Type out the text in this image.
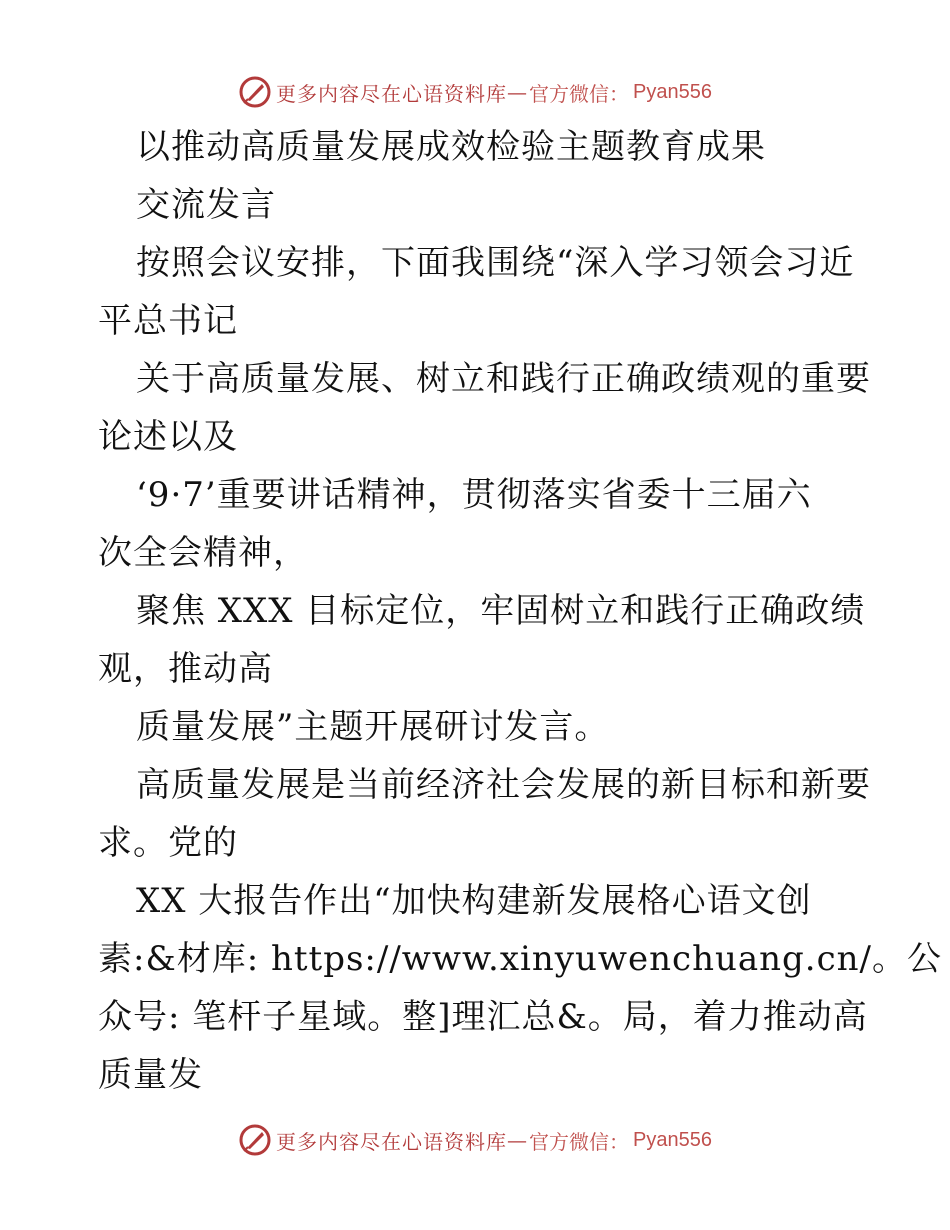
更多内容尽在心语资料库 — 官方微信： Pyan556
以推动高质量发展成效检验主题教育成果
交流发言
按照会议安排，下面我围绕“深入学习领会习近
平总书记
关于高质量发展、树立和践行正确政绩观的重要
论述以及
‘9·7’重要讲话精神，贯彻落实省委十三届六
次全会精神，
聚焦 XXX 目标定位，牢固树立和践行正确政绩
观，推动高
质量发展”主题开展研讨发言。
高质量发展是当前经济社会发展的新目标和新要
求。党的
XX 大报告作出“加快构建新发展格心语文创
素:&材库: https://www.xinyuwenchuang.cn/。公
众号: 笔杆子星域。整]理汇总&。局，着力推动高
质量发
更多内容尽在心语资料库 — 官方微信： Pyan556
